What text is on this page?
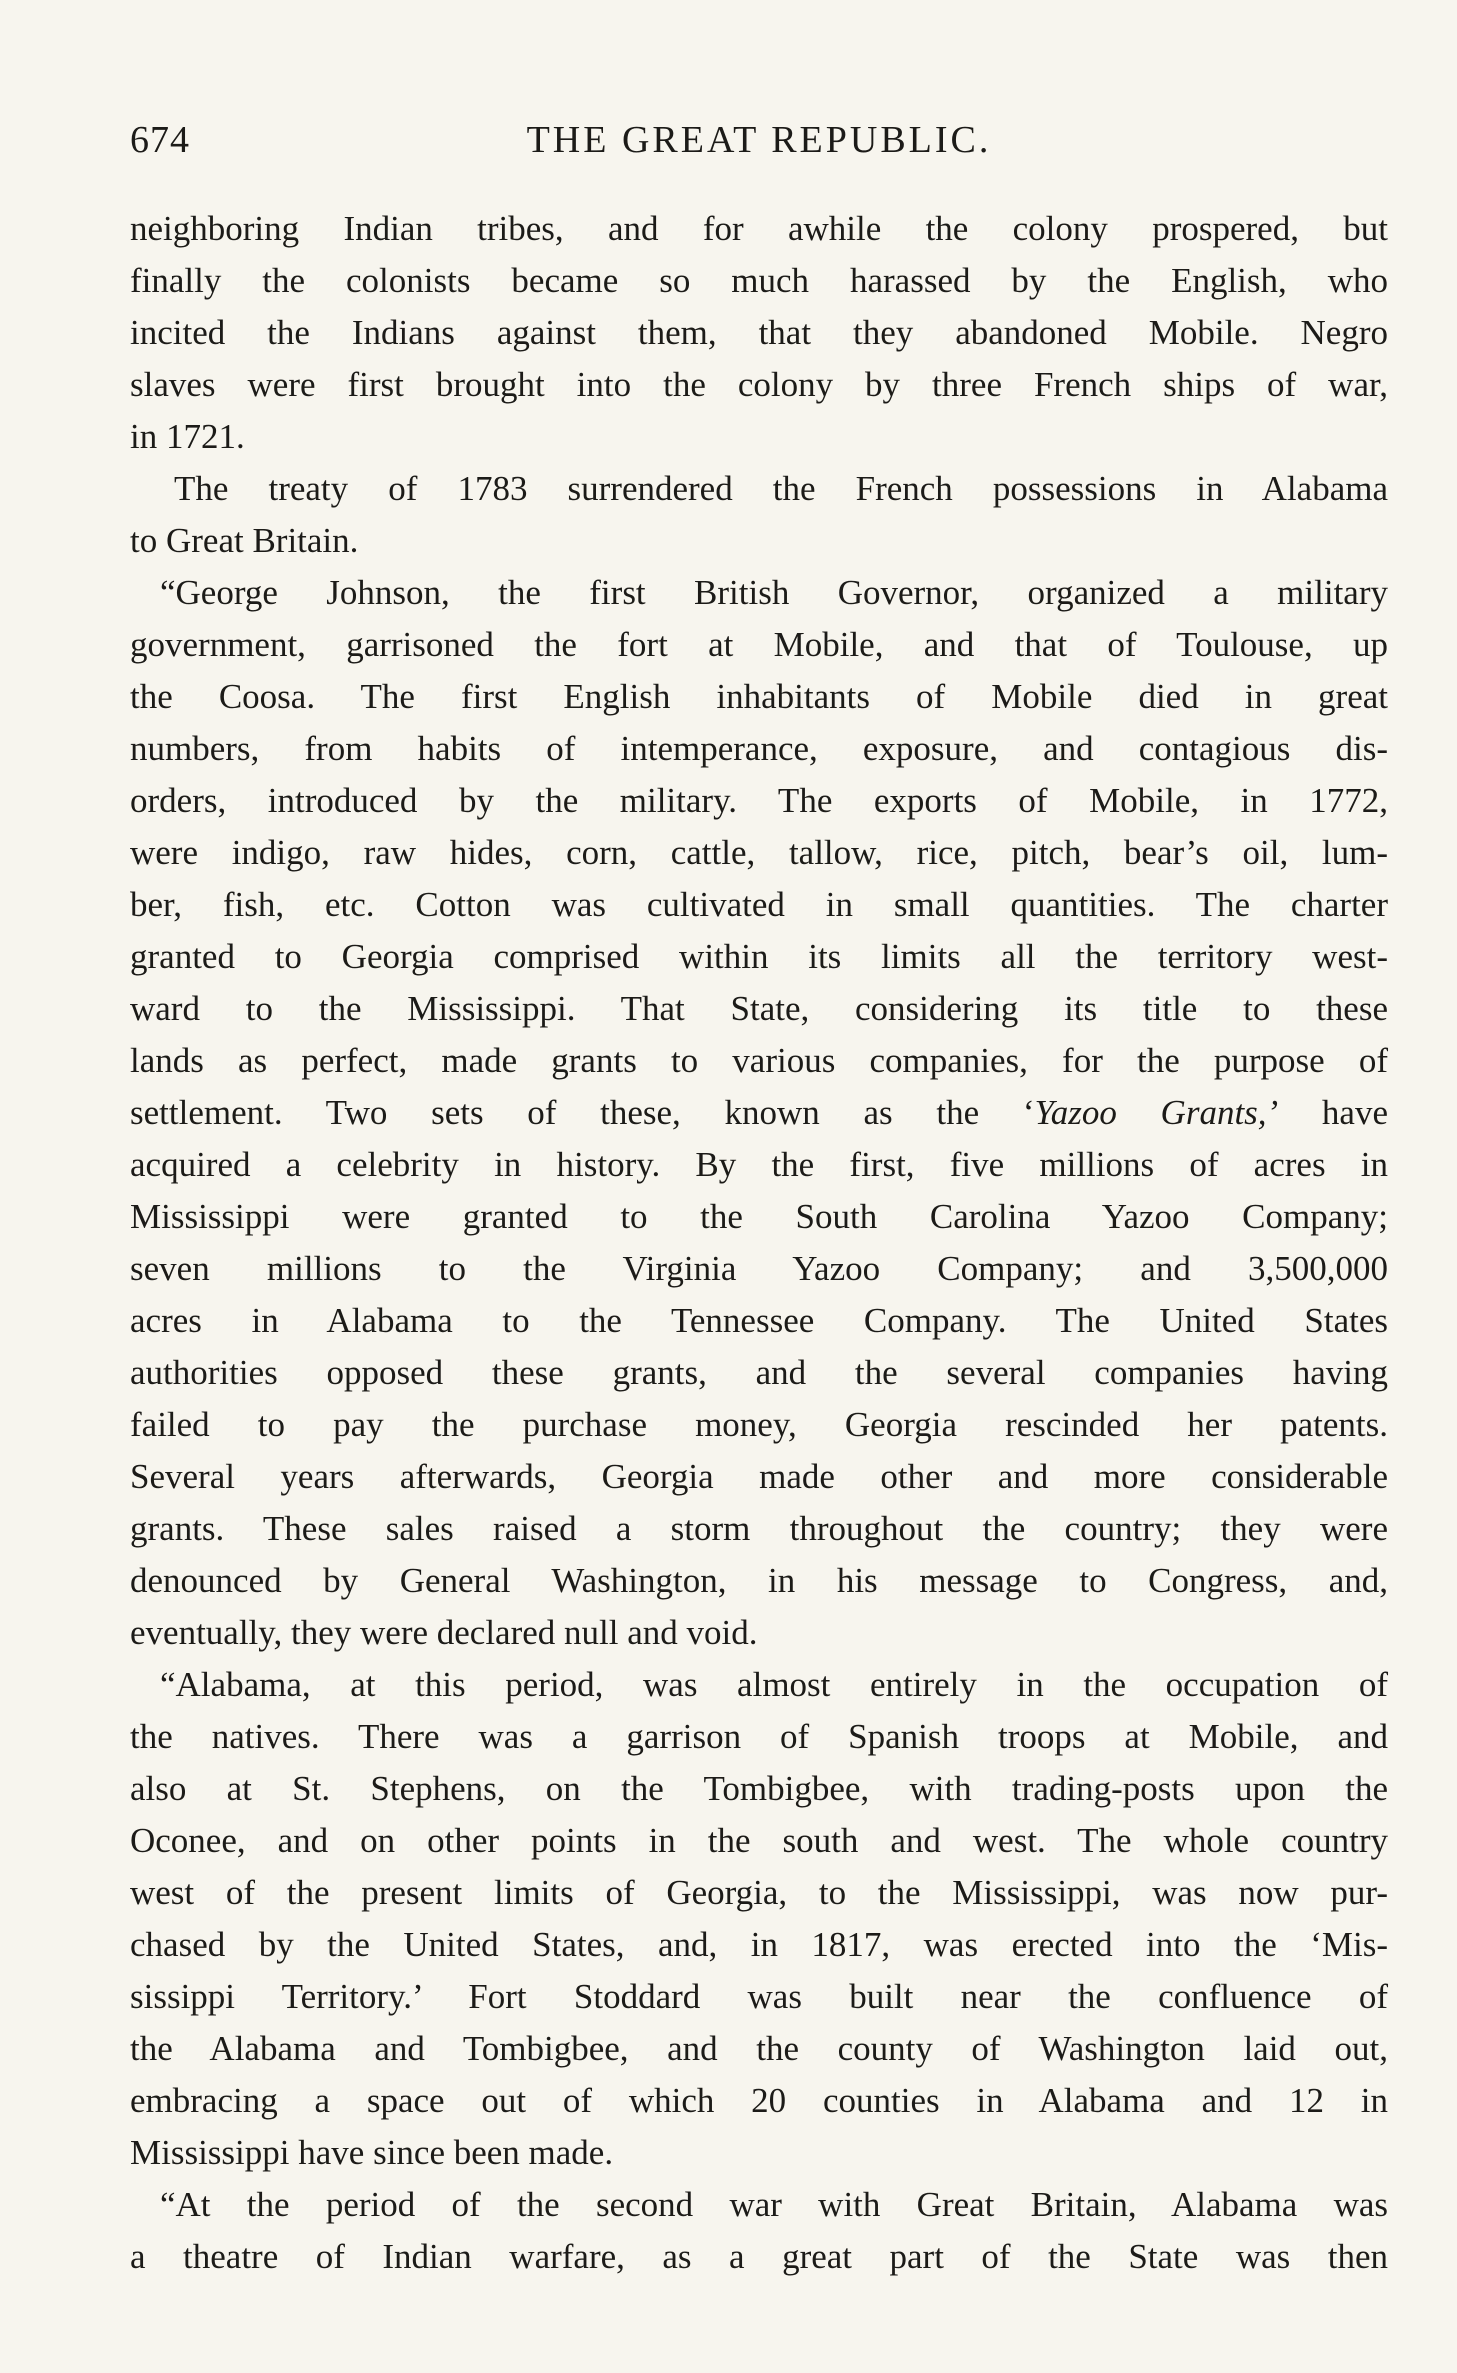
674	THE GREAT REPUBLIC.
neighboring Indian tribes, and for awhile the colony prospered, but
finally the colonists became so much harassed by the English, who
incited the Indians against them, that they abandoned Mobile. Negro
slaves were first brought into the colony by three French ships of war,
in 1721.
The treaty of 1783 surrendered the French possessions in Alabama
to Great Britain.
“George Johnson, the first British Governor, organized a military
government, garrisoned the fort at Mobile, and that of Toulouse, up
the Coosa. The first English inhabitants of Mobile died in great
numbers, from habits of intemperance, exposure, and contagious dis-
orders, introduced by the military. The exports of Mobile, in 1772,
were indigo, raw hides, corn, cattle, tallow, rice, pitch, bear’s oil, lum-
ber, fish, etc. Cotton was cultivated in small quantities. The charter
granted to Georgia comprised within its limits all the territory west-
ward to the Mississippi. That State, considering its title to these
lands as perfect, made grants to various companies, for the purpose of
settlement. Two sets of these, known as the ‘Yazoo Grants,’ have
acquired a celebrity in history. By the first, five millions of acres in
Mississippi were granted to the South Carolina Yazoo Company;
seven millions to the Virginia Yazoo Company; and 3,500,000
acres in Alabama to the Tennessee Company. The United States
authorities opposed these grants, and the several companies having
failed to pay the purchase money, Georgia rescinded her patents.
Several years afterwards, Georgia made other and more considerable
grants. These sales raised a storm throughout the country; they were
denounced by General Washington, in his message to Congress, and,
eventually, they were declared null and void.
“Alabama, at this period, was almost entirely in the occupation of
the natives. There was a garrison of Spanish troops at Mobile, and
also at St. Stephens, on the Tombigbee, with trading-posts upon the
Oconee, and on other points in the south and west. The whole country
west of the present limits of Georgia, to the Mississippi, was now pur-
chased by the United States, and, in 1817, was erected into the ‘Mis-
sissippi Territory.’ Fort Stoddard was built near the confluence of
the Alabama and Tombigbee, and the county of Washington laid out,
embracing a space out of which 20 counties in Alabama and 12 in
Mississippi have since been made.
“At the period of the second war with Great Britain, Alabama was
a theatre of Indian warfare, as a great part of the State was then
